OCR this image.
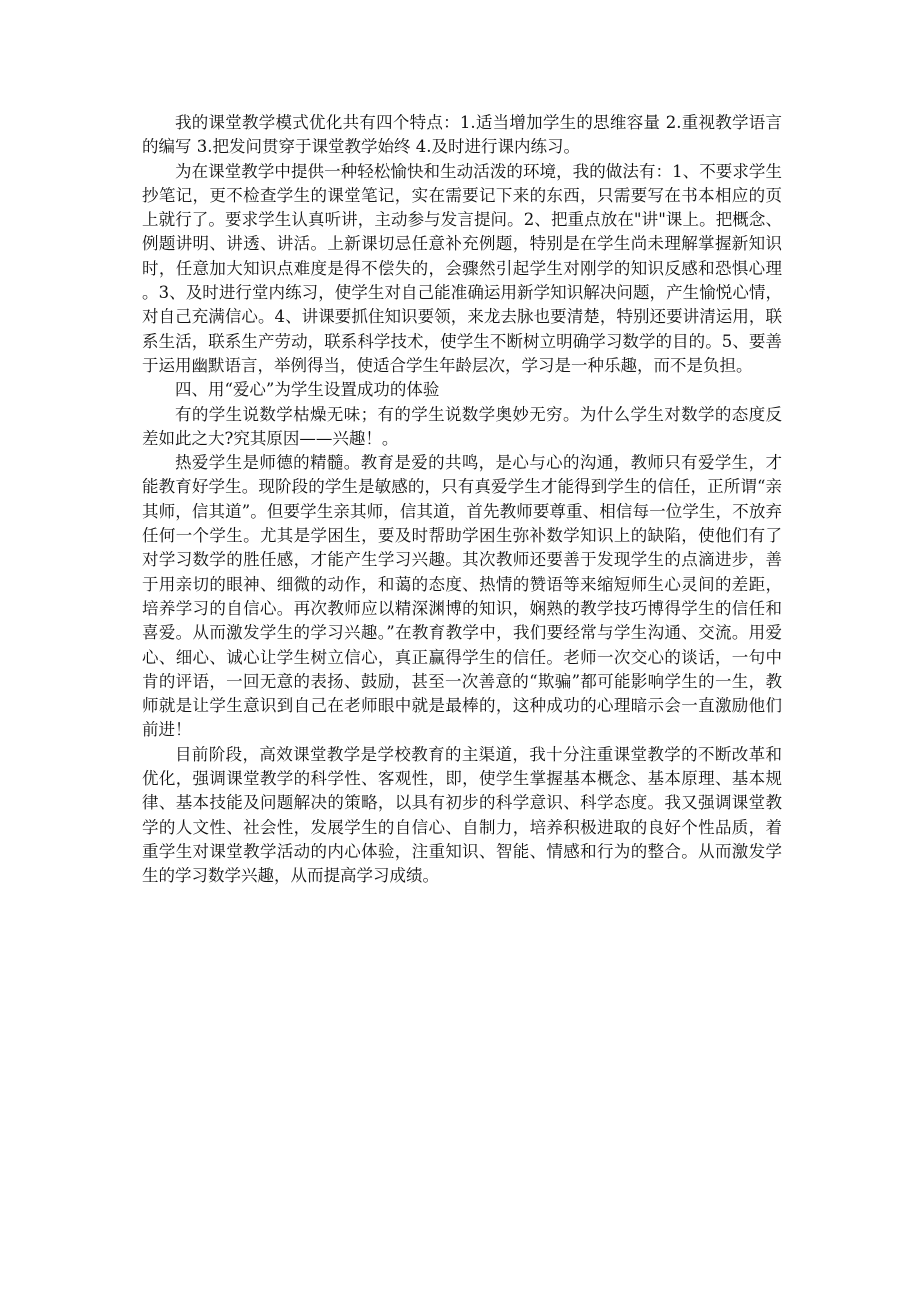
我的课堂教学模式优化共有四个特点：1.适当增加学生的思维容量 2.重视教学语言的编写 3.把发问贯穿于课堂教学始终 4.及时进行课内练习。

为在课堂教学中提供一种轻松愉快和生动活泼的环境，我的做法有：1、不要求学生抄笔记，更不检查学生的课堂笔记，实在需要记下来的东西，只需要写在书本相应的页上就行了。要求学生认真听讲，主动参与发言提问。2、把重点放在"讲"课上。把概念、例题讲明、讲透、讲活。上新课切忌任意补充例题，特别是在学生尚未理解掌握新知识时，任意加大知识点难度是得不偿失的，会骤然引起学生对刚学的知识反感和恐惧心理。3、及时进行堂内练习，使学生对自己能准确运用新学知识解决问题，产生愉悦心情，对自己充满信心。4、讲课要抓住知识要领，来龙去脉也要清楚，特别还要讲清运用，联系生活，联系生产劳动，联系科学技术，使学生不断树立明确学习数学的目的。5、要善于运用幽默语言，举例得当，使适合学生年龄层次，学习是一种乐趣，而不是负担。

四、用“爱心”为学生设置成功的体验

有的学生说数学枯燥无味；有的学生说数学奥妙无穷。为什么学生对数学的态度反差如此之大?究其原因——兴趣！。

热爱学生是师德的精髓。教育是爱的共鸣，是心与心的沟通，教师只有爱学生，才能教育好学生。现阶段的学生是敏感的，只有真爱学生才能得到学生的信任，正所谓“亲其师，信其道”。但要学生亲其师，信其道，首先教师要尊重、相信每一位学生，不放弃任何一个学生。尤其是学困生，要及时帮助学困生弥补数学知识上的缺陷，使他们有了对学习数学的胜任感，才能产生学习兴趣。其次教师还要善于发现学生的点滴进步，善于用亲切的眼神、细微的动作，和蔼的态度、热情的赞语等来缩短师生心灵间的差距，培养学习的自信心。再次教师应以精深渊博的知识，娴熟的教学技巧博得学生的信任和喜爱。从而激发学生的学习兴趣。”在教育教学中，我们要经常与学生沟通、交流。用爱心、细心、诚心让学生树立信心，真正赢得学生的信任。老师一次交心的谈话，一句中肯的评语，一回无意的表扬、鼓励，甚至一次善意的“欺骗”都可能影响学生的一生，教师就是让学生意识到自己在老师眼中就是最棒的，这种成功的心理暗示会一直激励他们前进！

目前阶段，高效课堂教学是学校教育的主渠道，我十分注重课堂教学的不断改革和优化，强调课堂教学的科学性、客观性，即，使学生掌握基本概念、基本原理、基本规律、基本技能及问题解决的策略，以具有初步的科学意识、科学态度。我又强调课堂教学的人文性、社会性，发展学生的自信心、自制力，培养积极进取的良好个性品质，着重学生对课堂教学活动的内心体验，注重知识、智能、情感和行为的整合。从而激发学生的学习数学兴趣，从而提高学习成绩。
